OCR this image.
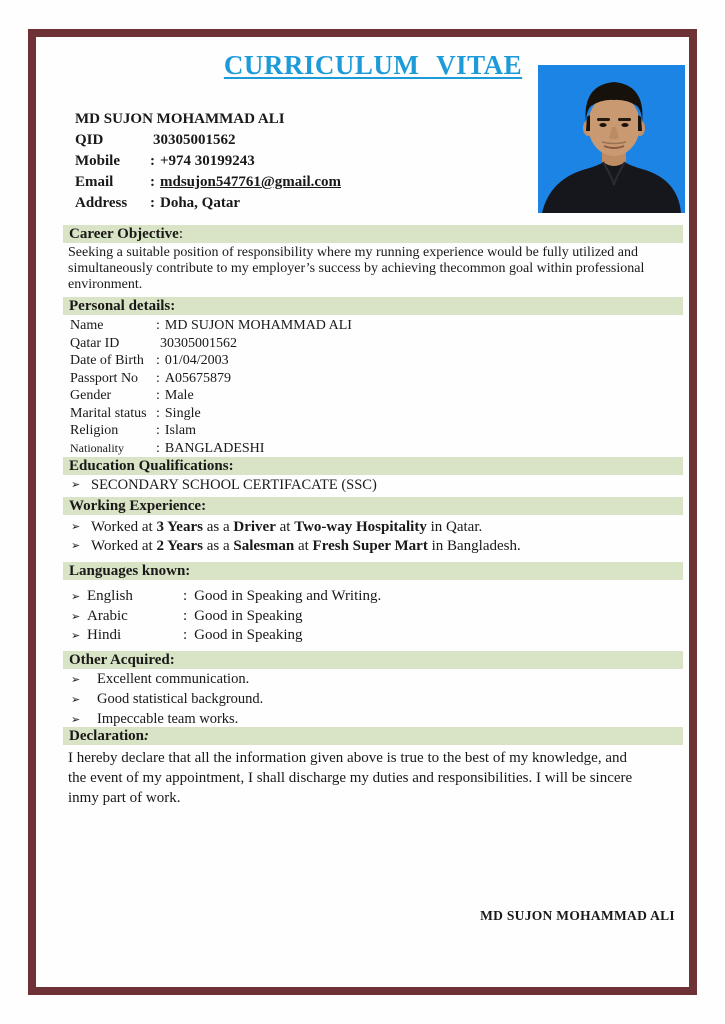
CURRICULUM VITAE
MD SUJON MOHAMMAD ALI
QID	30305001562
Mobile	: +974 30199243
Email	: mdsujon547761@gmail.com
Address	: Doha, Qatar
Career Objective:
Seeking a suitable position of responsibility where my running experience would be fully utilized and
simultaneously contribute to my employer’s success by achieving thecommon goal within professional
environment.
Personal details:
Name	: MD SUJON MOHAMMAD ALI
Qatar ID	30305001562
Date of Birth : 01/04/2003
Passport No	: A05675879
Gender	: Male
Marital status : Single
Religion	: Islam
Nationality	: BANGLADESHI
Education Qualifications:
➢ SECONDARY SCHOOL CERTIFACATE (SSC)
Working Experience:
➢ Worked at 3 Years as a Driver at Two-way Hospitality in Qatar.
➢ Worked at 2 Years as a Salesman at Fresh Super Mart in Bangladesh.
Languages known:
➢ English	: Good in Speaking and Writing.
➢ Arabic	: Good in Speaking
➢ Hindi	: Good in Speaking
Other Acquired:
➢	Excellent communication.
➢	Good statistical background.
➢	Impeccable team works.
Declaration:
I hereby declare that all the information given above is true to the best of my knowledge, and
the event of my appointment, I shall discharge my duties and responsibilities. I will be sincere
inmy part of work.
MD SUJON MOHAMMAD ALI
